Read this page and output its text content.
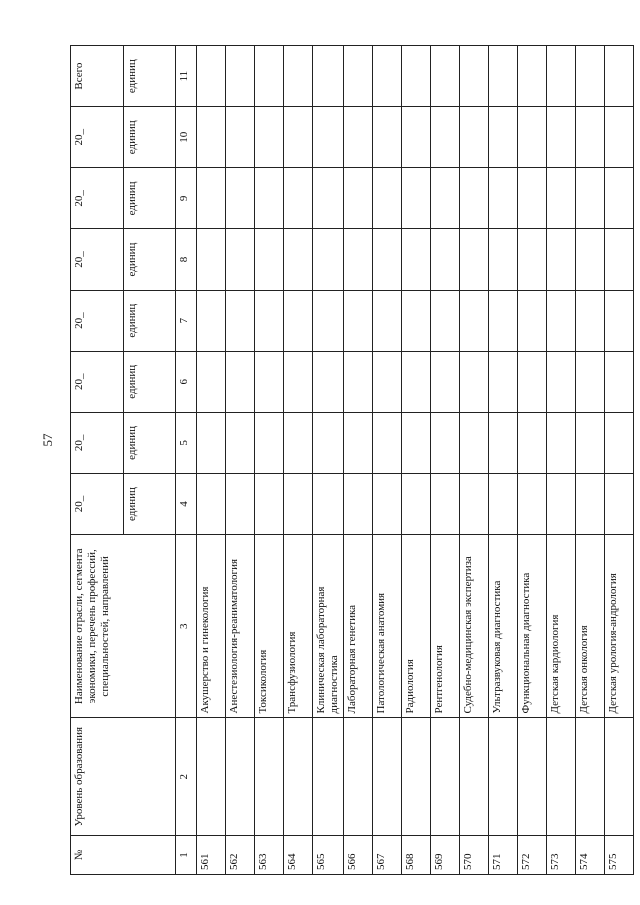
57
№	Уровень образования	Наименование отрасли, сегмента экономики, перечень профессий, специальностей, направлений	20_	20_	20_	20_	20_	20_	20_	Всего
			единиц	единиц	единиц	единиц	единиц	единиц	единиц	единиц
1	2	3	4	5	6	7	8	9	10	11
561		Акушерство и гинекология								
562		Анестезиология-реаниматология								
563		Токсикология								
564		Трансфузиология								
565		Клиническая лабораторная диагностика								
566		Лабораторная генетика								
567		Патологическая анатомия								
568		Радиология								
569		Рентгенология								
570		Судебно-медицинская экспертиза								
571		Ультразвуковая диагностика								
572		Функциональная диагностика								
573		Детская кардиология								
574		Детская онкология								
575		Детская урология-андрология								
